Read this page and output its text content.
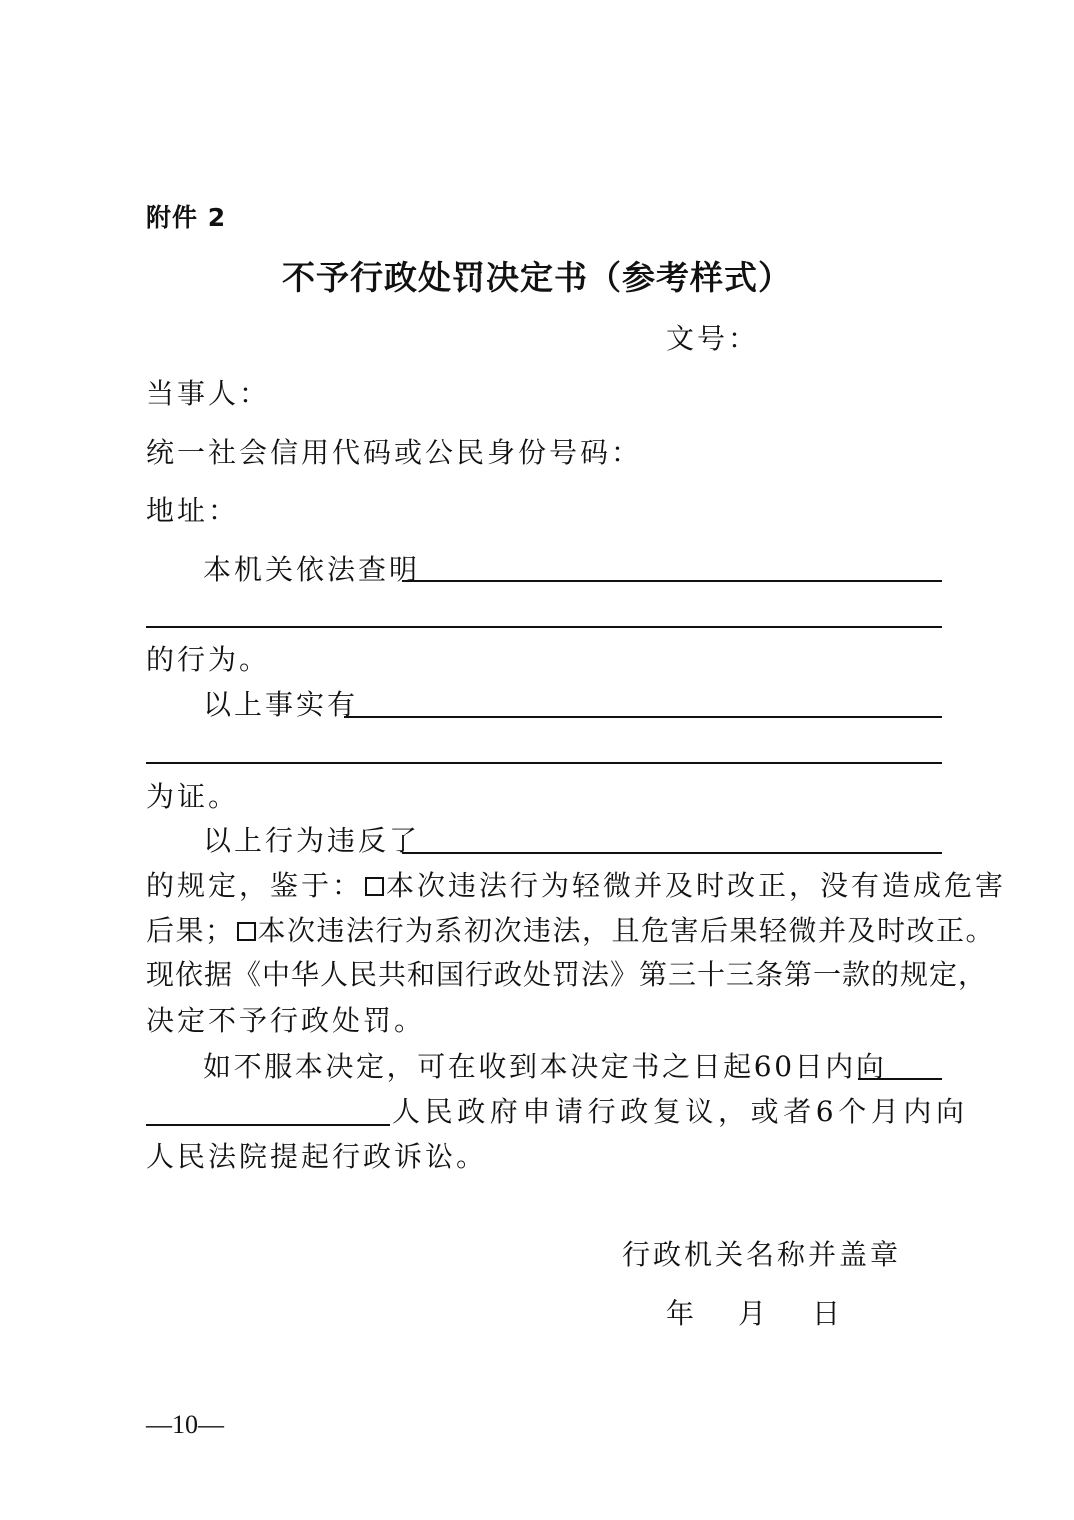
附件 2
不予行政处罚决定书（参考样式）
文号：
当事人：
统一社会信用代码或公民身份号码：
地址：
本机关依法查明
的行为。
以上事实有
为证。
以上行为违反了
的规定，鉴于： 本次违法行为轻微并及时改正，没有造成危害
后果； 本次违法行为系初次违法，且危害后果轻微并及时改正。
现依据《中华人民共和国行政处罚法》第三十三条第一款的规定，
决定不予行政处罚。
如不服本决定，可在收到本决定书之日起60日内向
人民政府申请行政复议，或者6个月内向
人民法院提起行政诉讼。
行政机关名称并盖章
年 月 日
—10—
